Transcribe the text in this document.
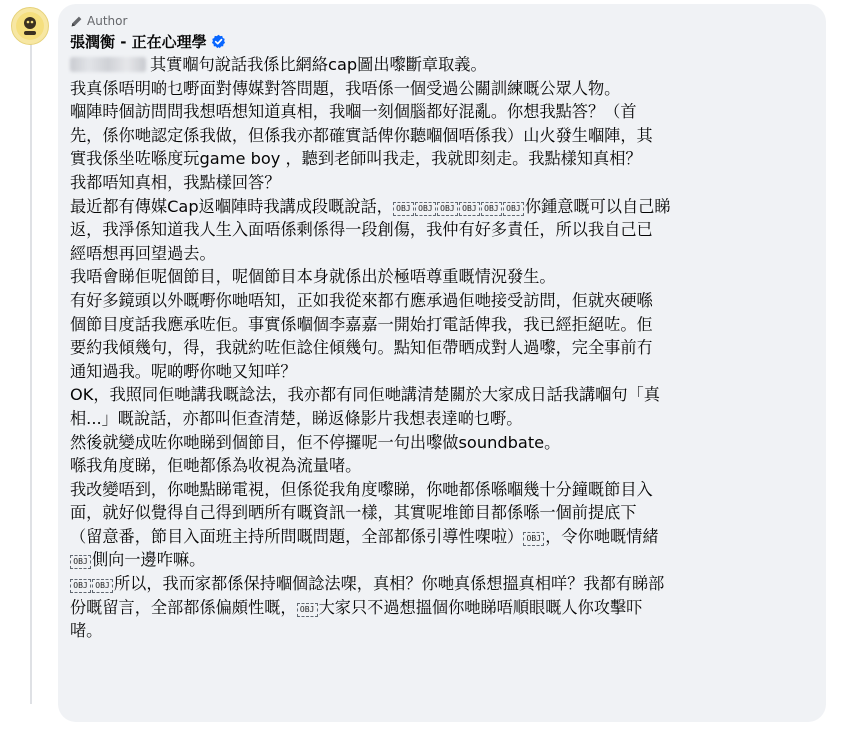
Author
張潤衡 - 正在心理學
其實嗰句說話我係比網絡cap圖出嚟斷章取義。
我真係唔明啲乜嘢面對傳媒對答問題，我唔係一個受過公關訓練嘅公眾人物。
嗰陣時個訪問問我想唔想知道真相，我嗰一刻個腦都好混亂。你想我點答？（首
先，係你哋認定係我做，但係我亦都確實話俾你聽嗰個唔係我）山火發生嗰陣，其
實我係坐咗喺度玩game boy ，聽到老師叫我走，我就即刻走。我點樣知真相？
我都唔知真相，我點樣回答？
最近都有傳媒Cap返嗰陣時我講成段嘅說話， OBJ OBJ OBJ OBJ OBJ OBJ	你鍾意嘅可以自己睇
返，我淨係知道我人生入面唔係剩係得一段創傷，我仲有好多責任，所以我自己已
經唔想再回望過去。
我唔會睇佢呢個節目，呢個節目本身就係出於極唔尊重嘅情況發生。
有好多鏡頭以外嘅嘢你哋唔知，正如我從來都冇應承過佢哋接受訪問，佢就夾硬喺
個節目度話我應承咗佢。事實係嗰個李嘉嘉一開始打電話俾我，我已經拒絕咗。佢
要約我傾幾句，得，我就約咗佢諗住傾幾句。點知佢帶晒成對人過嚟，完全事前冇
通知過我。呢啲嘢你哋又知咩？
OK，我照同佢哋講我嘅諗法，我亦都有同佢哋講清楚關於大家成日話我講嗰句「真
相...」嘅說話，亦都叫佢查清楚，睇返條影片我想表達啲乜嘢。
然後就變成咗你哋睇到個節目，佢不停攞呢一句出嚟做soundbate。
喺我角度睇，佢哋都係為收視為流量啫。
我改變唔到，你哋點睇電視，但係從我角度嚟睇，你哋都係喺嗰幾十分鐘嘅節目入
面，就好似覺得自己得到晒所有嘅資訊一樣，其實呢堆節目都係喺一個前提底下
（留意番，節目入面班主持所問嘅問題，全部都係引導性㗎啦） OBJ ，令你哋嘅情緒
OBJ側向一邊咋嘛。
OBJOBJ所以，我而家都係保持嗰個諗法㗎，真相？你哋真係想搵真相咩？我都有睇部
份嘅留言，全部都係偏頗性嘅， OBJ 大家只不過想搵個你哋睇唔順眼嘅人你攻擊吓
啫。
